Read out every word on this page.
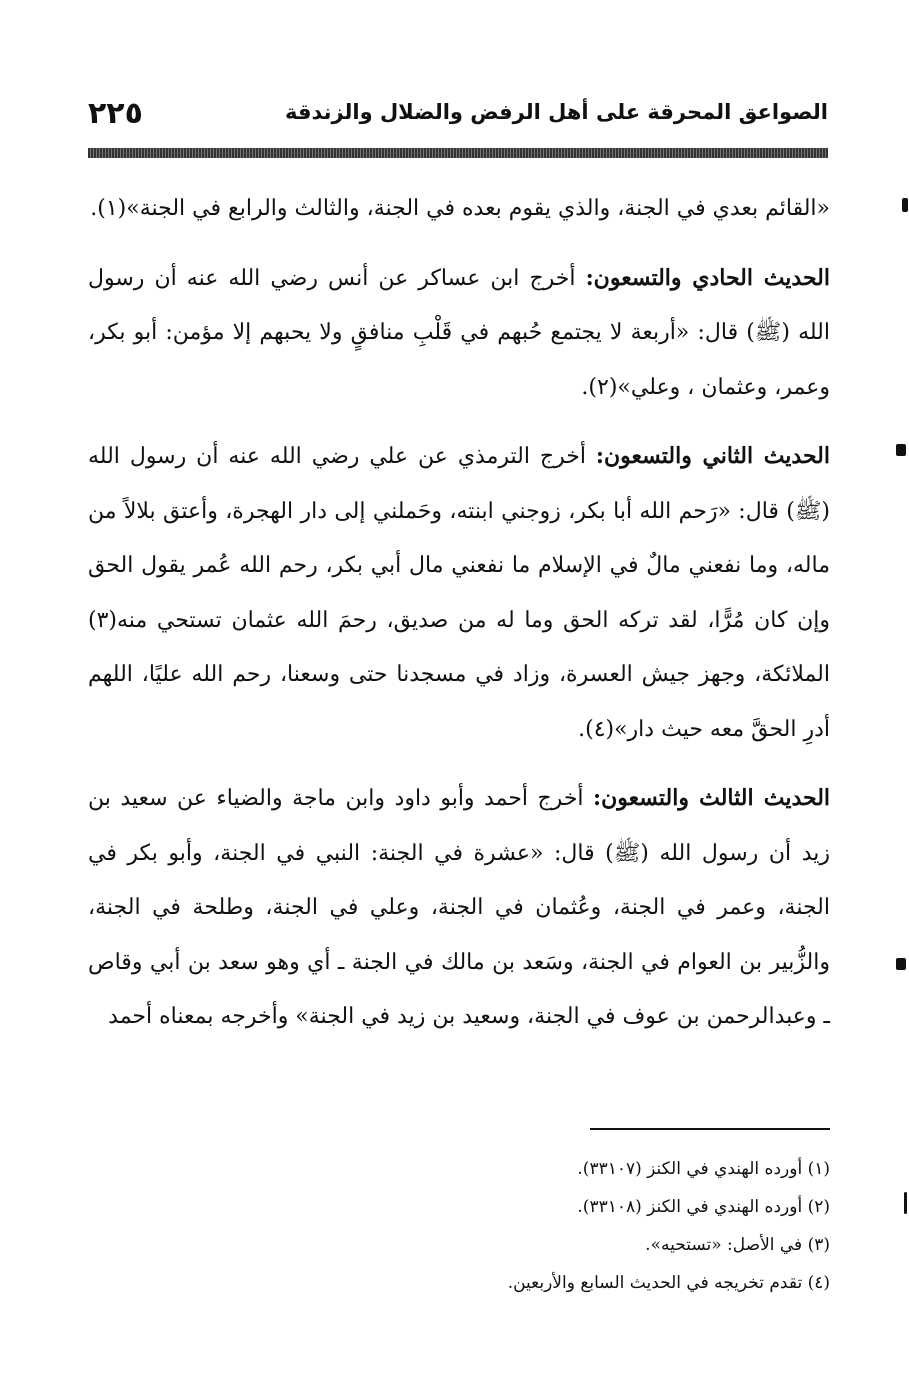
الصواعق المحرقة على أهل الرفض والضلال والزندقة
٢٢٥

«القائم بعدي في الجنة، والذي يقوم بعده في الجنة، والثالث والرابع في الجنة»(١).

الحديث الحادي والتسعون: أخرج ابن عساكر عن أنس رضي الله عنه أن رسول الله (ﷺ) قال: «أربعة لا يجتمع حُبهم في قَلْبِ منافقٍ ولا يحبهم إلا مؤمن: أبو بكر، وعمر، وعثمان ، وعلي»(٢).

الحديث الثاني والتسعون: أخرج الترمذي عن علي رضي الله عنه أن رسول الله (ﷺ) قال: «رَحم الله أبا بكر، زوجني ابنته، وحَملني إلى دار الهجرة، وأعتق بلالاً من ماله، وما نفعني مالٌ في الإسلام ما نفعني مال أبي بكر، رحم الله عُمر يقول الحق وإن كان مُرًّا، لقد تركه الحق وما له من صديق، رحمَ الله عثمان تستحي منه(٣) الملائكة، وجهز جيش العسرة، وزاد في مسجدنا حتى وسعنا، رحم الله عليًا، اللهم أدرِ الحقَّ معه حيث دار»(٤).

الحديث الثالث والتسعون: أخرج أحمد وأبو داود وابن ماجة والضياء عن سعيد بن زيد أن رسول الله (ﷺ) قال: «عشرة في الجنة: النبي في الجنة، وأبو بكر في الجنة، وعمر في الجنة، وعُثمان في الجنة، وعلي في الجنة، وطلحة في الجنة، والزُّبير بن العوام في الجنة، وسَعد بن مالك في الجنة ـ أي وهو سعد بن أبي وقاص ـ وعبدالرحمن بن عوف في الجنة، وسعيد بن زيد في الجنة» وأخرجه بمعناه أحمد

(١) أورده الهندي في الكنز (٣٣١٠٧).
(٢) أورده الهندي في الكنز (٣٣١٠٨).
(٣) في الأصل: «تستحيه».
(٤) تقدم تخريجه في الحديث السابع والأربعين.
